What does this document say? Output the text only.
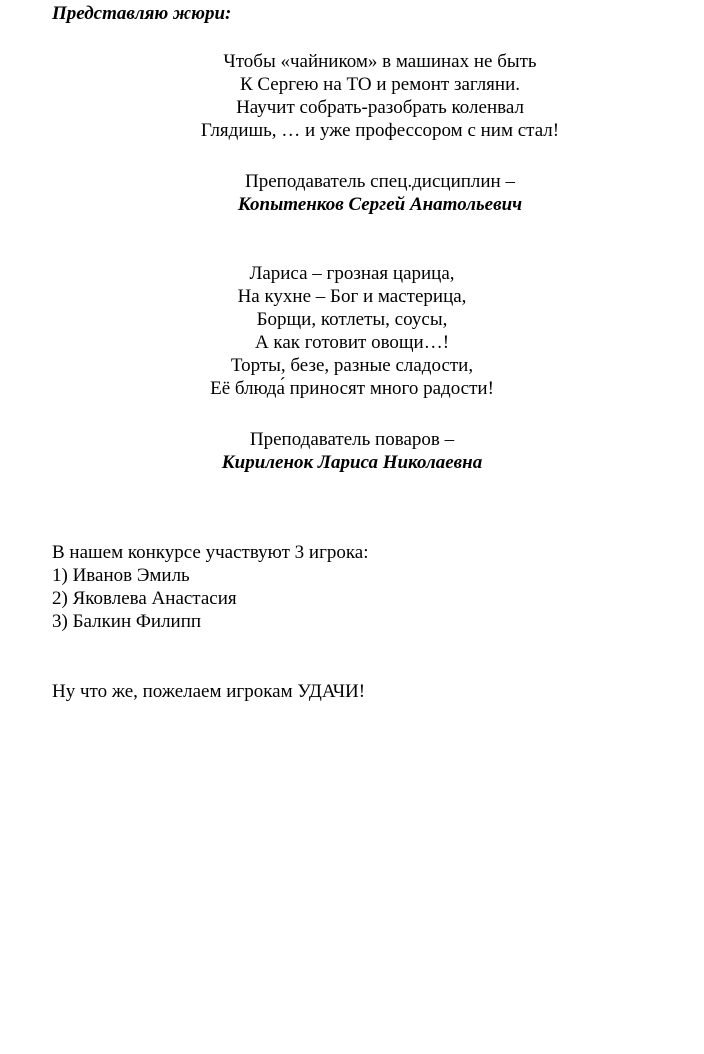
Представляю жюри:
Чтобы «чайником» в машинах не быть
К Сергею на ТО и ремонт загляни.
Научит собрать-разобрать коленвал
Глядишь, … и уже профессором с ним стал!
Преподаватель спец.дисциплин –
Копытенков Сергей Анатольевич
Лариса – грозная царица,
На кухне – Бог и мастерица,
Борщи, котлеты, соусы,
А как готовит овощи…!
Торты, безе, разные сладости,
Её блюда́ приносят много радости!
Преподаватель поваров –
Кириленок Лариса Николаевна
В нашем конкурсе участвуют 3 игрока:
1) Иванов Эмиль
2) Яковлева Анастасия
3) Балкин Филипп
Ну что же, пожелаем игрокам УДАЧИ!
